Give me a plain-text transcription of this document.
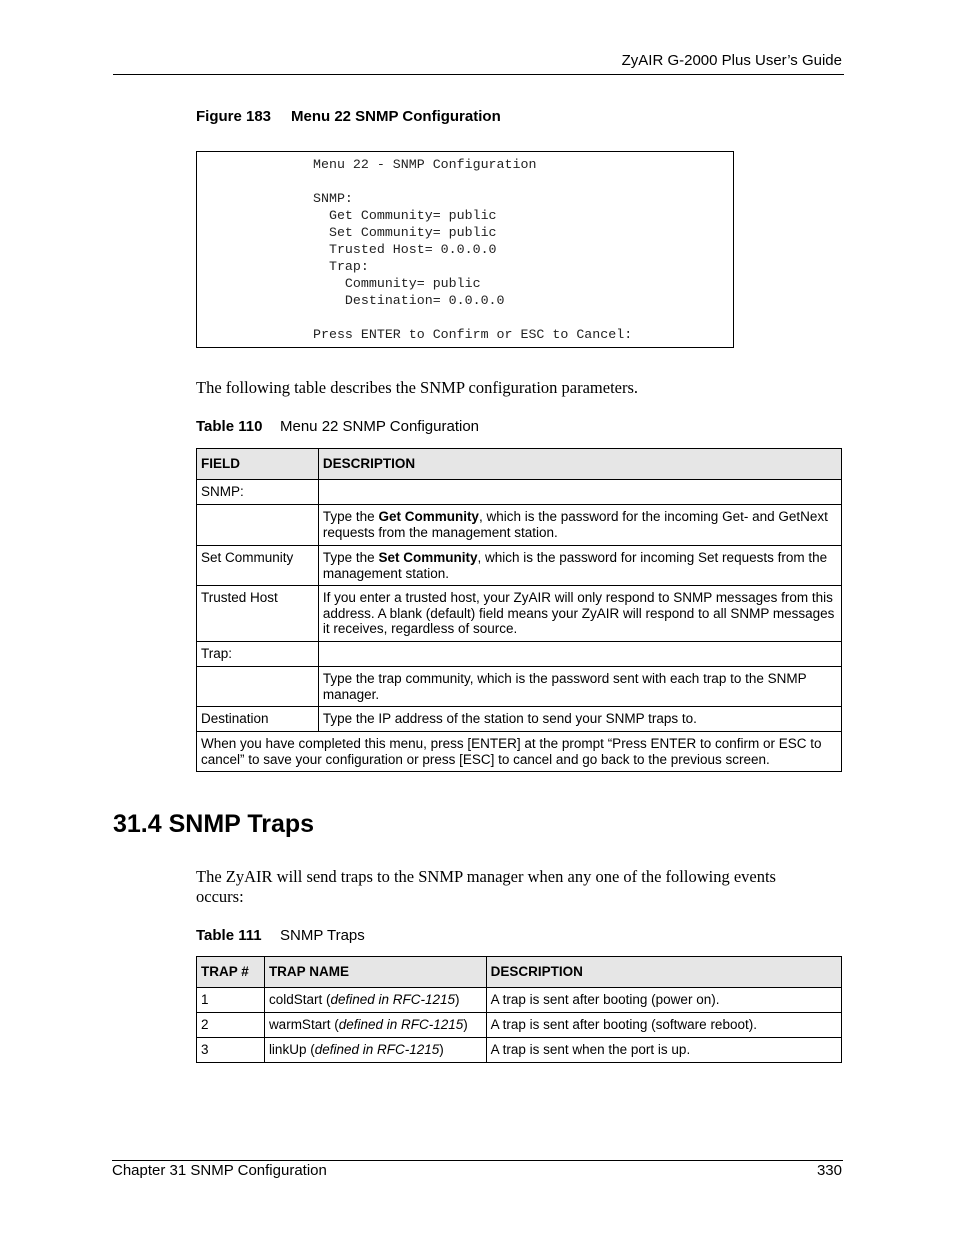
ZyAIR G-2000 Plus User’s Guide
Figure 183 Menu 22 SNMP Configuration
Menu 22 - SNMP Configuration
SNMP:
Get Community= public
Set Community= public
Trusted Host= 0.0.0.0
Trap:
Community= public
Destination= 0.0.0.0
Press ENTER to Confirm or ESC to Cancel:
The following table describes the SNMP configuration parameters.
Table 110 Menu 22 SNMP Configuration
FIELD	DESCRIPTION
SNMP:	
	Type the Get Community, which is the password for the incoming Get- and GetNext requests from the management station.
Set Community	Type the Set Community, which is the password for incoming Set requests from the management station.
Trusted Host	If you enter a trusted host, your ZyAIR will only respond to SNMP messages from this address. A blank (default) field means your ZyAIR will respond to all SNMP messages it receives, regardless of source.
Trap:	
	Type the trap community, which is the password sent with each trap to the SNMP manager.
Destination	Type the IP address of the station to send your SNMP traps to.
When you have completed this menu, press [ENTER] at the prompt “Press ENTER to confirm or ESC to cancel” to save your configuration or press [ESC] to cancel and go back to the previous screen.	
31.4 SNMP Traps
The ZyAIR will send traps to the SNMP manager when any one of the following events occurs:
Table 111 SNMP Traps
TRAP #	TRAP NAME	DESCRIPTION
1	coldStart (defined in RFC-1215)	A trap is sent after booting (power on).
2	warmStart (defined in RFC-1215)	A trap is sent after booting (software reboot).
3	linkUp (defined in RFC-1215)	A trap is sent when the port is up.
Chapter 31 SNMP Configuration	330
